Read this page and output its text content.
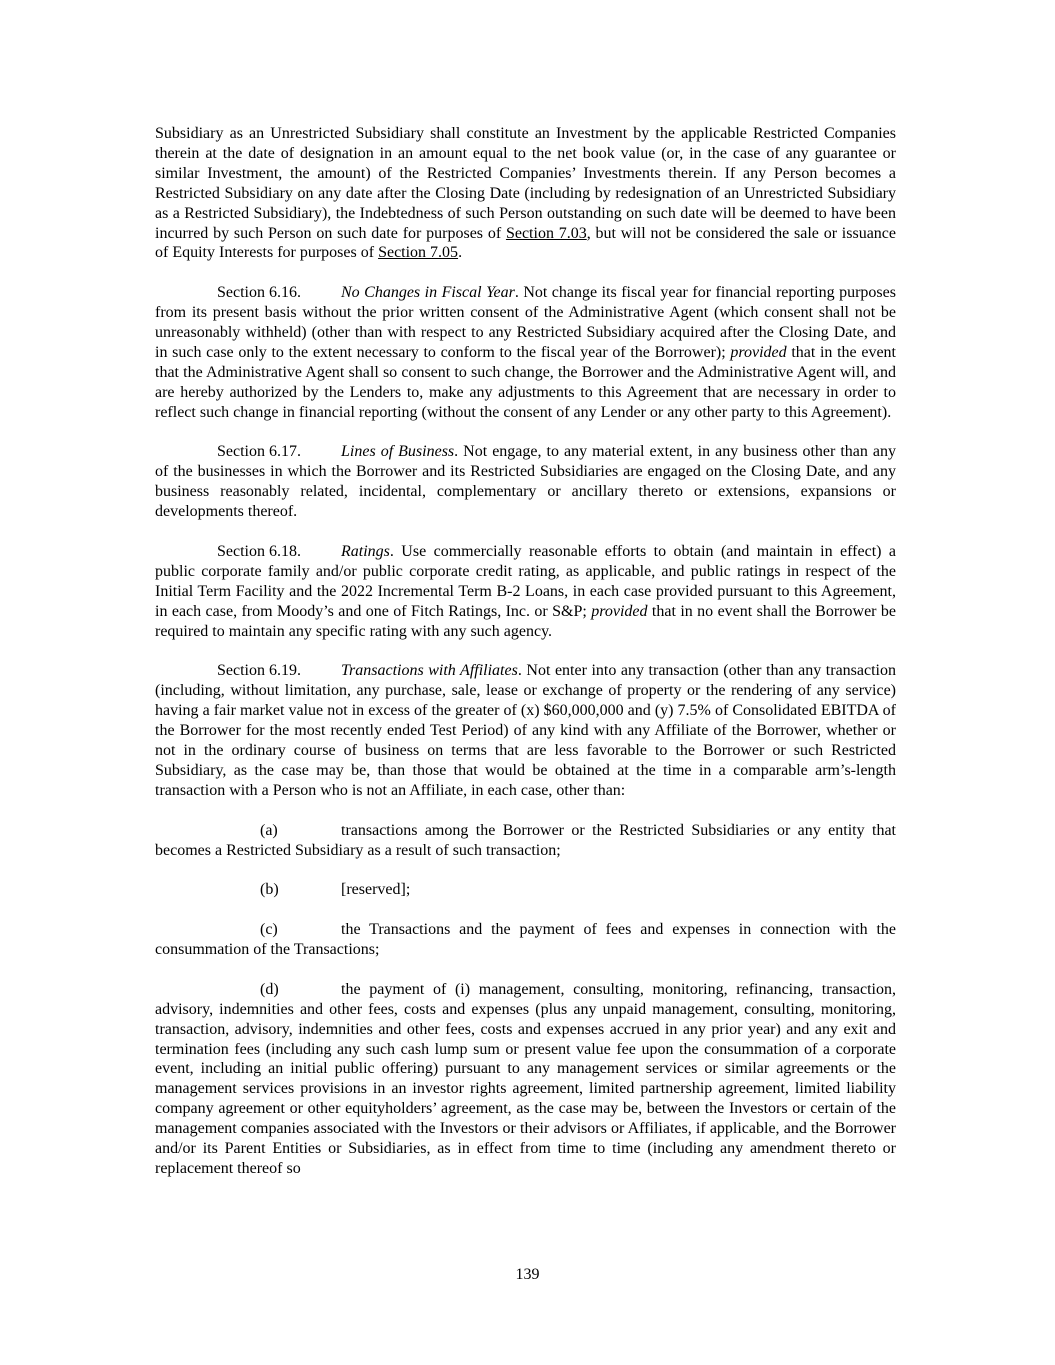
Subsidiary as an Unrestricted Subsidiary shall constitute an Investment by the applicable Restricted Companies therein at the date of designation in an amount equal to the net book value (or, in the case of any guarantee or similar Investment, the amount) of the Restricted Companies’ Investments therein. If any Person becomes a Restricted Subsidiary on any date after the Closing Date (including by redesignation of an Unrestricted Subsidiary as a Restricted Subsidiary), the Indebtedness of such Person outstanding on such date will be deemed to have been incurred by such Person on such date for purposes of Section 7.03, but will not be considered the sale or issuance of Equity Interests for purposes of Section 7.05.

Section 6.16.	No Changes in Fiscal Year. Not change its fiscal year for financial reporting purposes from its present basis without the prior written consent of the Administrative Agent (which consent shall not be unreasonably withheld) (other than with respect to any Restricted Subsidiary acquired after the Closing Date, and in such case only to the extent necessary to conform to the fiscal year of the Borrower); provided that in the event that the Administrative Agent shall so consent to such change, the Borrower and the Administrative Agent will, and are hereby authorized by the Lenders to, make any adjustments to this Agreement that are necessary in order to reflect such change in financial reporting (without the consent of any Lender or any other party to this Agreement).

Section 6.17.	Lines of Business. Not engage, to any material extent, in any business other than any of the businesses in which the Borrower and its Restricted Subsidiaries are engaged on the Closing Date, and any business reasonably related, incidental, complementary or ancillary thereto or extensions, expansions or developments thereof.

Section 6.18.	Ratings. Use commercially reasonable efforts to obtain (and maintain in effect) a public corporate family and/or public corporate credit rating, as applicable, and public ratings in respect of the Initial Term Facility and the 2022 Incremental Term B-2 Loans, in each case provided pursuant to this Agreement, in each case, from Moody’s and one of Fitch Ratings, Inc. or S&P; provided that in no event shall the Borrower be required to maintain any specific rating with any such agency.

Section 6.19.	Transactions with Affiliates. Not enter into any transaction (other than any transaction (including, without limitation, any purchase, sale, lease or exchange of property or the rendering of any service) having a fair market value not in excess of the greater of (x) $60,000,000 and (y) 7.5% of Consolidated EBITDA of the Borrower for the most recently ended Test Period) of any kind with any Affiliate of the Borrower, whether or not in the ordinary course of business on terms that are less favorable to the Borrower or such Restricted Subsidiary, as the case may be, than those that would be obtained at the time in a comparable arm’s-length transaction with a Person who is not an Affiliate, in each case, other than:

(a)	transactions among the Borrower or the Restricted Subsidiaries or any entity that becomes a Restricted Subsidiary as a result of such transaction;

(b)	[reserved];

(c)	the Transactions and the payment of fees and expenses in connection with the consummation of the Transactions;

(d)	the payment of (i) management, consulting, monitoring, refinancing, transaction, advisory, indemnities and other fees, costs and expenses (plus any unpaid management, consulting, monitoring, transaction, advisory, indemnities and other fees, costs and expenses accrued in any prior year) and any exit and termination fees (including any such cash lump sum or present value fee upon the consummation of a corporate event, including an initial public offering) pursuant to any management services or similar agreements or the management services provisions in an investor rights agreement, limited partnership agreement, limited liability company agreement or other equityholders’ agreement, as the case may be, between the Investors or certain of the management companies associated with the Investors or their advisors or Affiliates, if applicable, and the Borrower and/or its Parent Entities or Subsidiaries, as in effect from time to time (including any amendment thereto or replacement thereof so

139
